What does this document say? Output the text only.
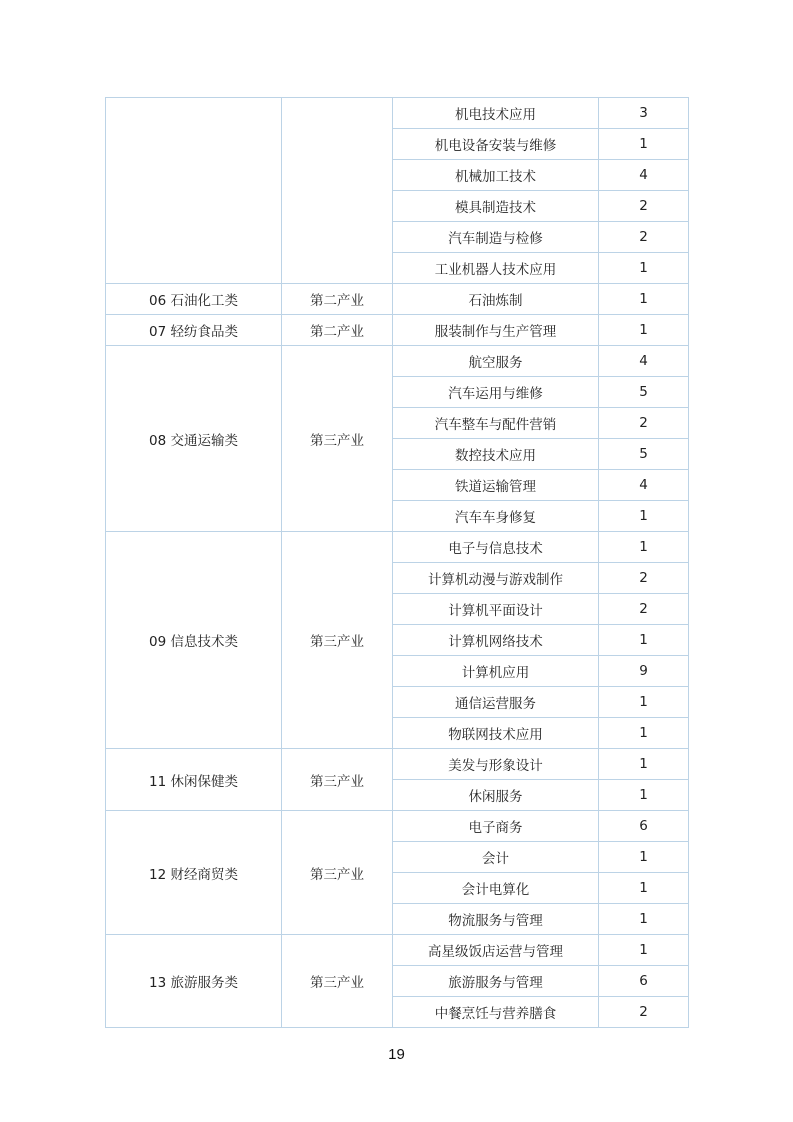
		机电技术应用	3
		机电设备安装与维修	1
		机械加工技术	4
		模具制造技术	2
		汽车制造与检修	2
		工业机器人技术应用	1
06 石油化工类	第二产业	石油炼制	1
07 轻纺食品类	第二产业	服装制作与生产管理	1
08 交通运输类	第三产业	航空服务	4
		汽车运用与维修	5
		汽车整车与配件营销	2
		数控技术应用	5
		铁道运输管理	4
		汽车车身修复	1
09 信息技术类	第三产业	电子与信息技术	1
		计算机动漫与游戏制作	2
		计算机平面设计	2
		计算机网络技术	1
		计算机应用	9
		通信运营服务	1
		物联网技术应用	1
11 休闲保健类	第三产业	美发与形象设计	1
		休闲服务	1
12 财经商贸类	第三产业	电子商务	6
		会计	1
		会计电算化	1
		物流服务与管理	1
13 旅游服务类	第三产业	高星级饭店运营与管理	1
		旅游服务与管理	6
		中餐烹饪与营养膳食	2
19
